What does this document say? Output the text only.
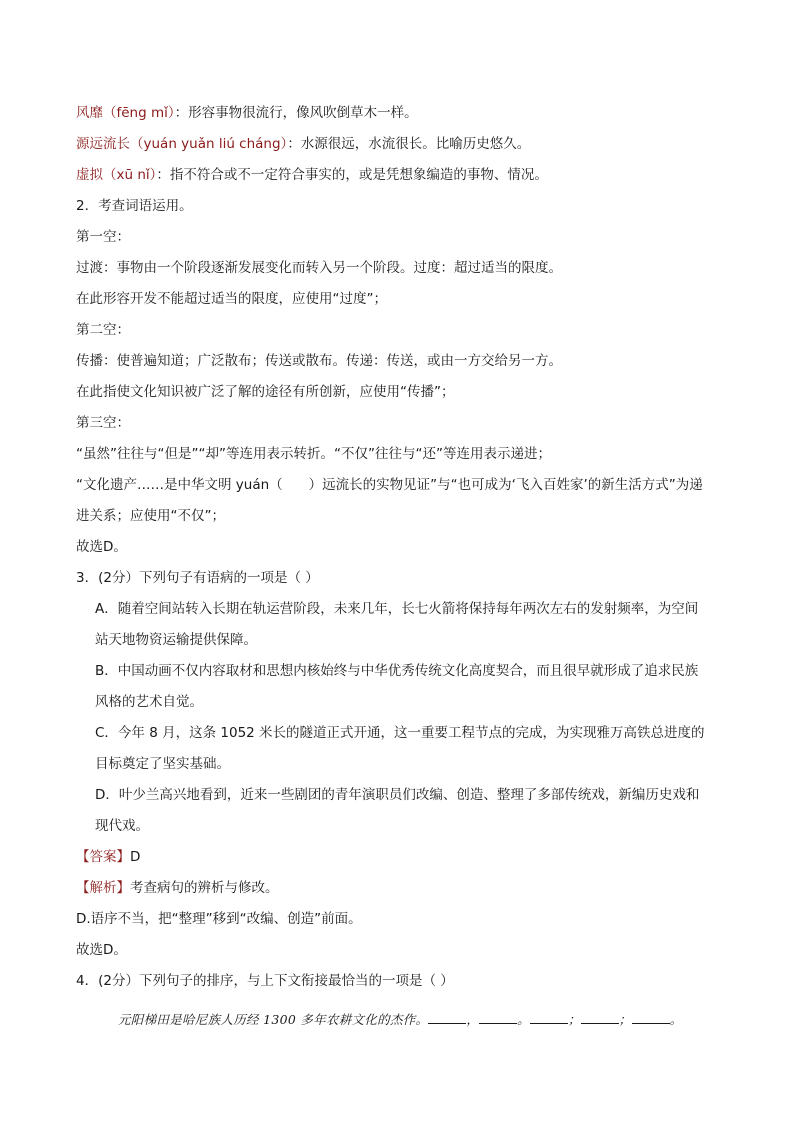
风靡（fēng mǐ）：形容事物很流行，像风吹倒草木一样。
源远流长（yuán yuǎn liú cháng）：水源很远，水流很长。比喻历史悠久。
虚拟（xū nǐ）：指不符合或不一定符合事实的，或是凭想象编造的事物、情况。
2．考查词语运用。
第一空：
过渡：事物由一个阶段逐渐发展变化而转入另一个阶段。过度：超过适当的限度。
在此形容开发不能超过适当的限度，应使用“过度”；
第二空：
传播：使普遍知道；广泛散布；传送或散布。传递：传送，或由一方交给另一方。
在此指使文化知识被广泛了解的途径有所创新，应使用“传播”；
第三空：
“虽然”往往与“但是”“却”等连用表示转折。“不仅”往往与“还”等连用表示递进；
“文化遗产……是中华文明 yuán（ ）远流长的实物见证”与“也可成为‘飞入百姓家’的新生活方式”为递
进关系；应使用“不仅”；
故选D。
3．(2分）下列句子有语病的一项是（ ）
A．随着空间站转入长期在轨运营阶段，未来几年，长七火箭将保持每年两次左右的发射频率，为空间
站天地物资运输提供保障。
B．中国动画不仅内容取材和思想内核始终与中华优秀传统文化高度契合，而且很早就形成了追求民族
风格的艺术自觉。
C．今年 8 月，这条 1052 米长的隧道正式开通，这一重要工程节点的完成，为实现雅万高铁总进度的
目标奠定了坚实基础。
D．叶少兰高兴地看到，近来一些剧团的青年演职员们改编、创造、整理了多部传统戏，新编历史戏和
现代戏。
【答案】D
【解析】考查病句的辨析与修改。
D.语序不当，把“整理”移到“改编、创造”前面。
故选D。
4．(2分）下列句子的排序，与上下文衔接最恰当的一项是（ ）
元阳梯田是哈尼族人历经 1300 多年农耕文化的杰作。	，	。	；	；	。
